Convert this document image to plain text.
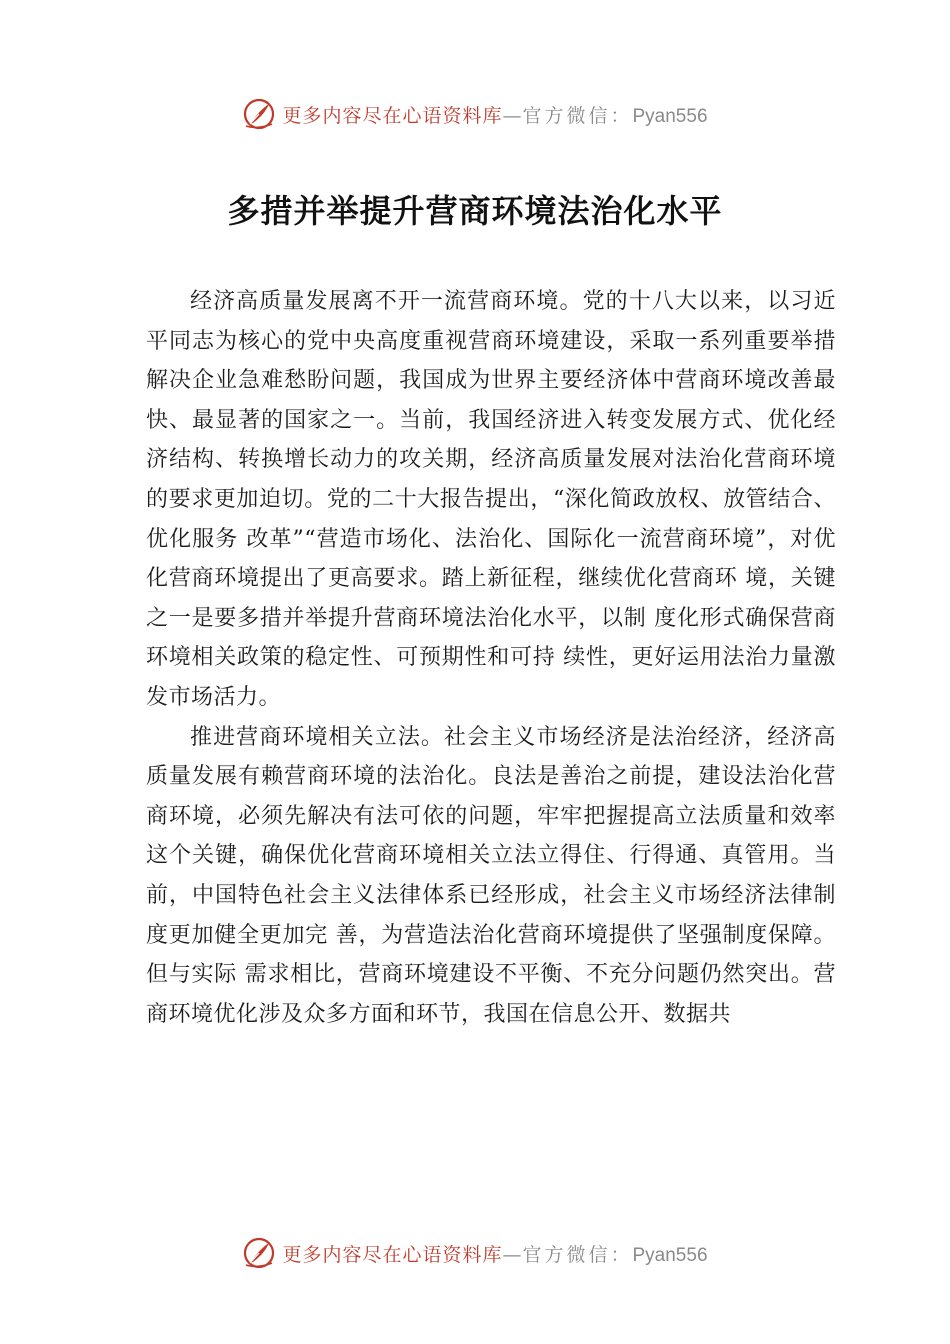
更多内容尽在心语资料库—官方微信：Pyan556
多措并举提升营商环境法治化水平

经济高质量发展离不开一流营商环境。党的十八大以来，以习近平同志为核心的党中央高度重视营商环境建设，采取一系列重要举措解决企业急难愁盼问题，我国成为世界主要经济体中营商环境改善最快、最显著的国家之一。当前，我国经济进入转变发展方式、优化经济结构、转换增长动力的攻关期，经济高质量发展对法治化营商环境的要求更加迫切。党的二十大报告提出，“深化简政放权、放管结合、优化服务 改革”“营造市场化、法治化、国际化一流营商环境”，对优 化营商环境提出了更高要求。踏上新征程，继续优化营商环 境，关键之一是要多措并举提升营商环境法治化水平，以制 度化形式确保营商环境相关政策的稳定性、可预期性和可持 续性，更好运用法治力量激发市场活力。

推进营商环境相关立法。社会主义市场经济是法治经济，经济高质量发展有赖营商环境的法治化。良法是善治之前提，建设法治化营商环境，必须先解决有法可依的问题，牢牢把握提高立法质量和效率这个关键，确保优化营商环境相关立法立得住、行得通、真管用。当前，中国特色社会主义法律体系已经形成，社会主义市场经济法律制度更加健全更加完 善，为营造法治化营商环境提供了坚强制度保障。但与实际 需求相比，营商环境建设不平衡、不充分问题仍然突出。营 商环境优化涉及众多方面和环节，我国在信息公开、数据共

更多内容尽在心语资料库—官方微信：Pyan556
